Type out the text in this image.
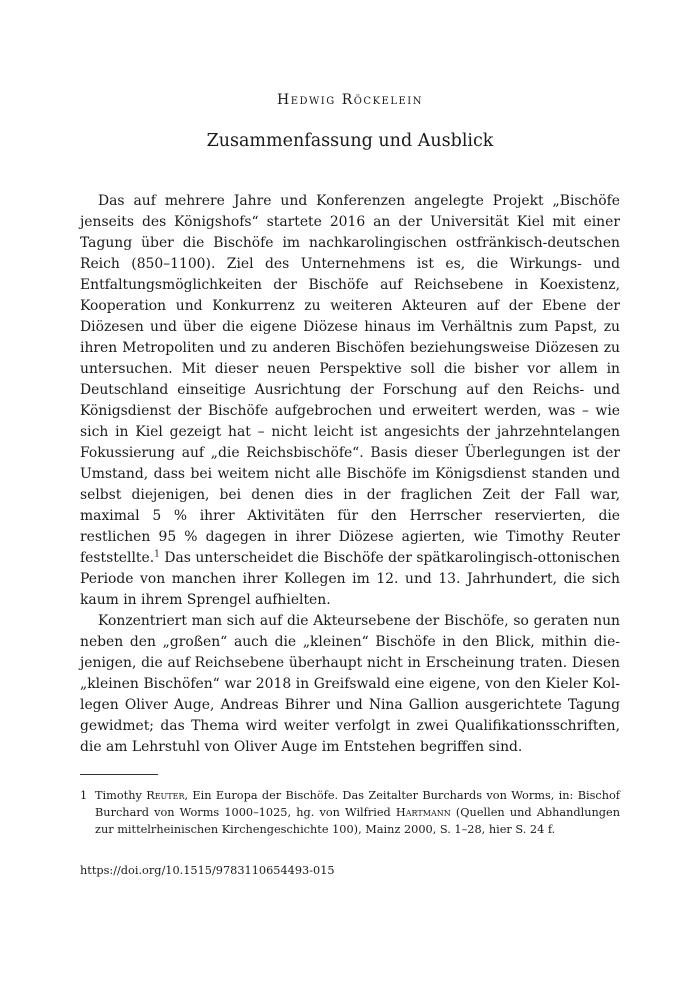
Hedwig Röckelein
Zusammenfassung und Ausblick

Das auf mehrere Jahre und Konferenzen angelegte Projekt „Bischöfe jenseits des Königshofs“ startete 2016 an der Universität Kiel mit einer Tagung über die Bischöfe im nachkarolingischen ostfränkisch-deutschen Reich (850–1100). Ziel des Unternehmens ist es, die Wirkungs- und Entfaltungsmöglichkeiten der Bischöfe auf Reichsebene in Koexistenz, Kooperation und Konkurrenz zu weiteren Akteuren auf der Ebene der Diözesen und über die eigene Diözese hinaus im Verhältnis zum Papst, zu ihren Metropoliten und zu anderen Bischöfen beziehungsweise Diözesen zu untersuchen. Mit dieser neuen Perspektive soll die bisher vor allem in Deutschland einseitige Ausrichtung der Forschung auf den Reichs- und Königsdienst der Bischöfe aufgebrochen und erweitert werden, was – wie sich in Kiel gezeigt hat – nicht leicht ist angesichts der jahrzehntelangen Fokussierung auf „die Reichsbischöfe“. Basis dieser Überlegungen ist der Umstand, dass bei weitem nicht alle Bischöfe im Königsdienst standen und selbst diejenigen, bei denen dies in der fraglichen Zeit der Fall war, maximal 5 % ihrer Aktivitäten für den Herrscher reservierten, die restlichen 95 % dagegen in ihrer Diözese agierten, wie Timothy Reuter feststellte.$^1$ Das unterscheidet die Bischöfe der spätkarolingisch-ottonischen Periode von manchen ihrer Kollegen im 12. und 13. Jahrhundert, die sich kaum in ihrem Sprengel aufhielten.

Konzentriert man sich auf die Akteursebene der Bischöfe, so geraten nun neben den „großen“ auch die „kleinen“ Bischöfe in den Blick, mithin diejenigen, die auf Reichsebene überhaupt nicht in Erscheinung traten. Diesen „kleinen Bischöfen“ war 2018 in Greifswald eine eigene, von den Kieler Kollegen Oliver Auge, Andreas Bihrer und Nina Gallion ausgerichtete Tagung gewidmet; das Thema wird weiter verfolgt in zwei Qualifikationsschriften, die am Lehrstuhl von Oliver Auge im Entstehen begriffen sind.

1 Timothy Reuter, Ein Europa der Bischöfe. Das Zeitalter Burchards von Worms, in: Bischof Burchard von Worms 1000–1025, hg. von Wilfried Hartmann (Quellen und Abhandlungen zur mittelrheinischen Kirchengeschichte 100), Mainz 2000, S. 1–28, hier S. 24 f.
https://doi.org/10.1515/9783110654493-015
